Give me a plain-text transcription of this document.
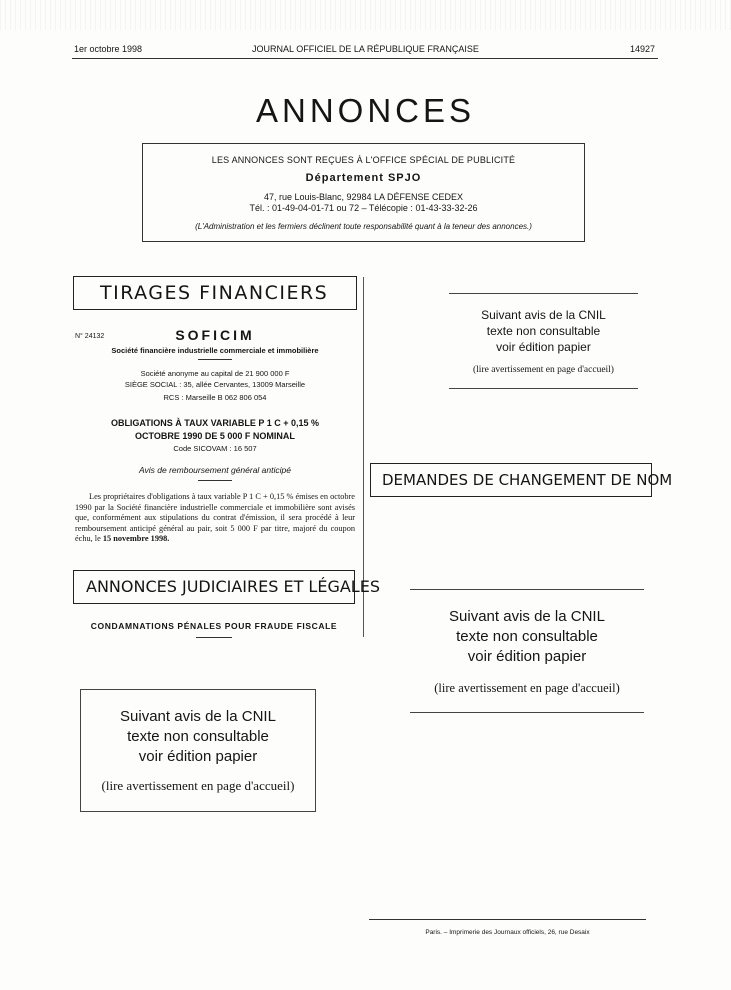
1er octobre 1998	JOURNAL OFFICIEL DE LA RÉPUBLIQUE FRANÇAISE	14927
ANNONCES
LES ANNONCES SONT REÇUES À L'OFFICE SPÉCIAL DE PUBLICITÉ
Département SPJO
47, rue Louis-Blanc, 92984 LA DÉFENSE CEDEX
Tél. : 01-49-04-01-71 ou 72 – Télécopie : 01-43-33-32-26
(L'Administration et les fermiers déclinent toute responsabilité quant à la teneur des annonces.)
TIRAGES FINANCIERS
N° 24132	SOFICIM
Société financière industrielle commerciale et immobilière
Société anonyme au capital de 21 900 000 F
SIÈGE SOCIAL : 35, allée Cervantes, 13009 Marseille
RCS : Marseille B 062 806 054
OBLIGATIONS À TAUX VARIABLE P 1 C + 0,15 %
OCTOBRE 1990 DE 5 000 F NOMINAL
Code SICOVAM : 16 507
Avis de remboursement général anticipé
Les propriétaires d'obligations à taux variable P 1 C + 0,15 % émises en octobre 1990 par la Société financière industrielle commerciale et immobilière sont avisés que, conformément aux stipulations du contrat d'émission, il sera procédé à leur remboursement anticipé général au pair, soit 5 000 F par titre, majoré du coupon échu, le 15 novembre 1998.
ANNONCES JUDICIAIRES ET LÉGALES
CONDAMNATIONS PÉNALES POUR FRAUDE FISCALE
Suivant avis de la CNIL
texte non consultable
voir édition papier
(lire avertissement en page d'accueil)
Suivant avis de la CNIL
texte non consultable
voir édition papier
(lire avertissement en page d'accueil)
DEMANDES DE CHANGEMENT DE NOM
Suivant avis de la CNIL
texte non consultable
voir édition papier
(lire avertissement en page d'accueil)
Paris. – Imprimerie des Journaux officiels, 26, rue Desaix
